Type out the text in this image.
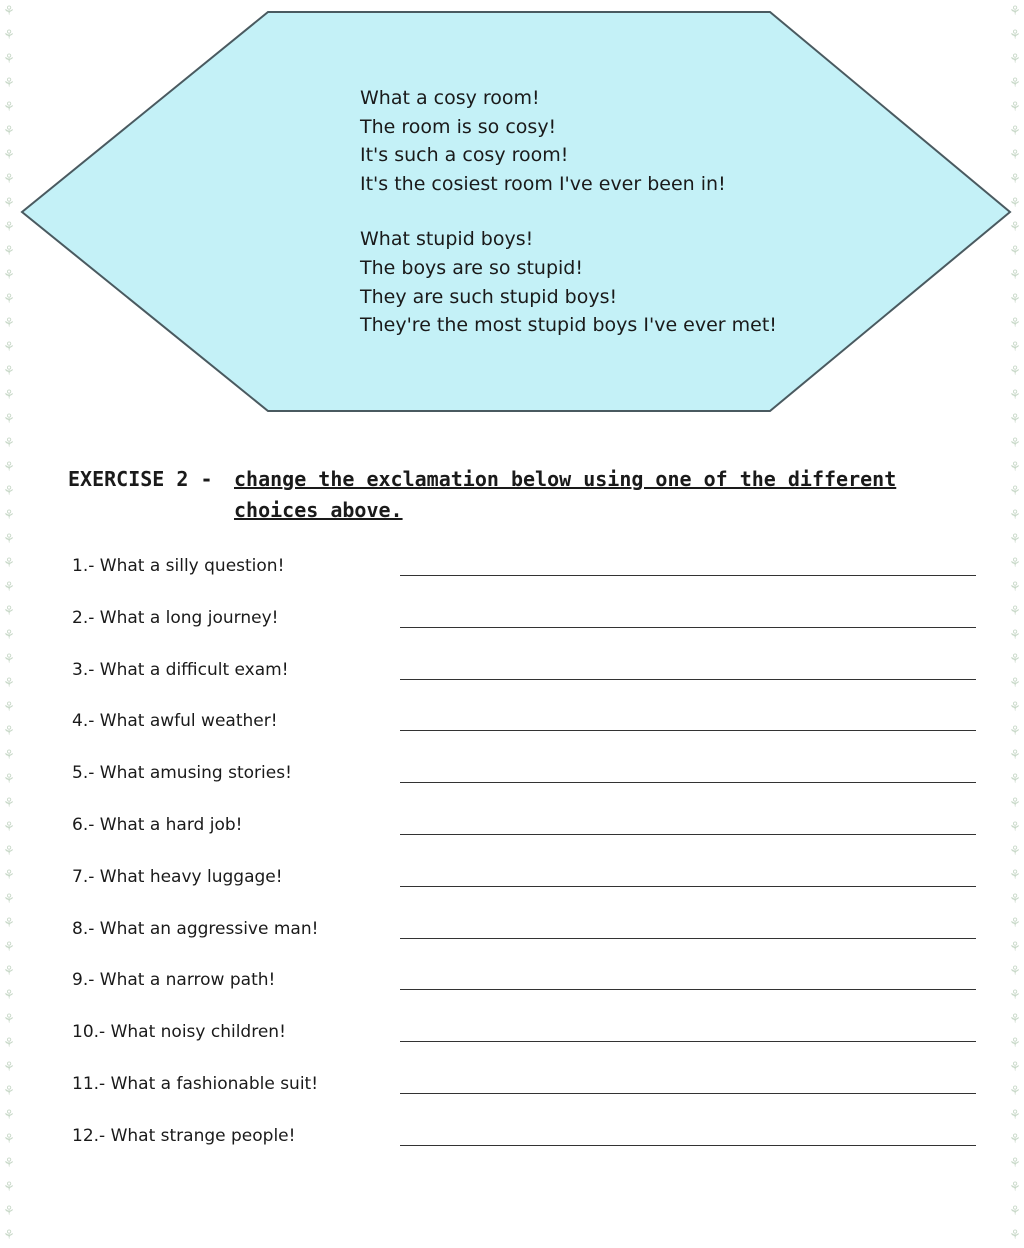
⚘
⚘
⚘
⚘
⚘
⚘
⚘
⚘
⚘
⚘
⚘
⚘
⚘
⚘
⚘
⚘
⚘
⚘
⚘
⚘
⚘
⚘
⚘
⚘
⚘
⚘
⚘
⚘
⚘
⚘
⚘
⚘
⚘
⚘
⚘
⚘
⚘
⚘
⚘
⚘
⚘
⚘
⚘
⚘
⚘
⚘
⚘
⚘
⚘
⚘
⚘
⚘
⚘
⚘
⚘
⚘
⚘
⚘
⚘
⚘
⚘
⚘
⚘
⚘
⚘
⚘
⚘
⚘
⚘
⚘
⚘
⚘
⚘
⚘
⚘
⚘
⚘
⚘
⚘
⚘
⚘
⚘
⚘
⚘
⚘
⚘
⚘
⚘
⚘
⚘
⚘
⚘
⚘
⚘
⚘
⚘
⚘
⚘
⚘
⚘
⚘
⚘
⚘
⚘
What a cosy room!
The room is so cosy!
It's such a cosy room!
It's the cosiest room I've ever been in!
What stupid boys!
The boys are so stupid!
They are such stupid boys!
They're the most stupid boys I've ever met!
EXERCISE 2 - change the exclamation below using one of the different choices above.
1.- What a silly question!
2.- What a long journey!
3.- What a difficult exam!
4.- What awful weather!
5.- What amusing stories!
6.- What a hard job!
7.- What heavy luggage!
8.- What an aggressive man!
9.- What a narrow path!
10.- What noisy children!
11.- What a fashionable suit!
12.- What strange people!
